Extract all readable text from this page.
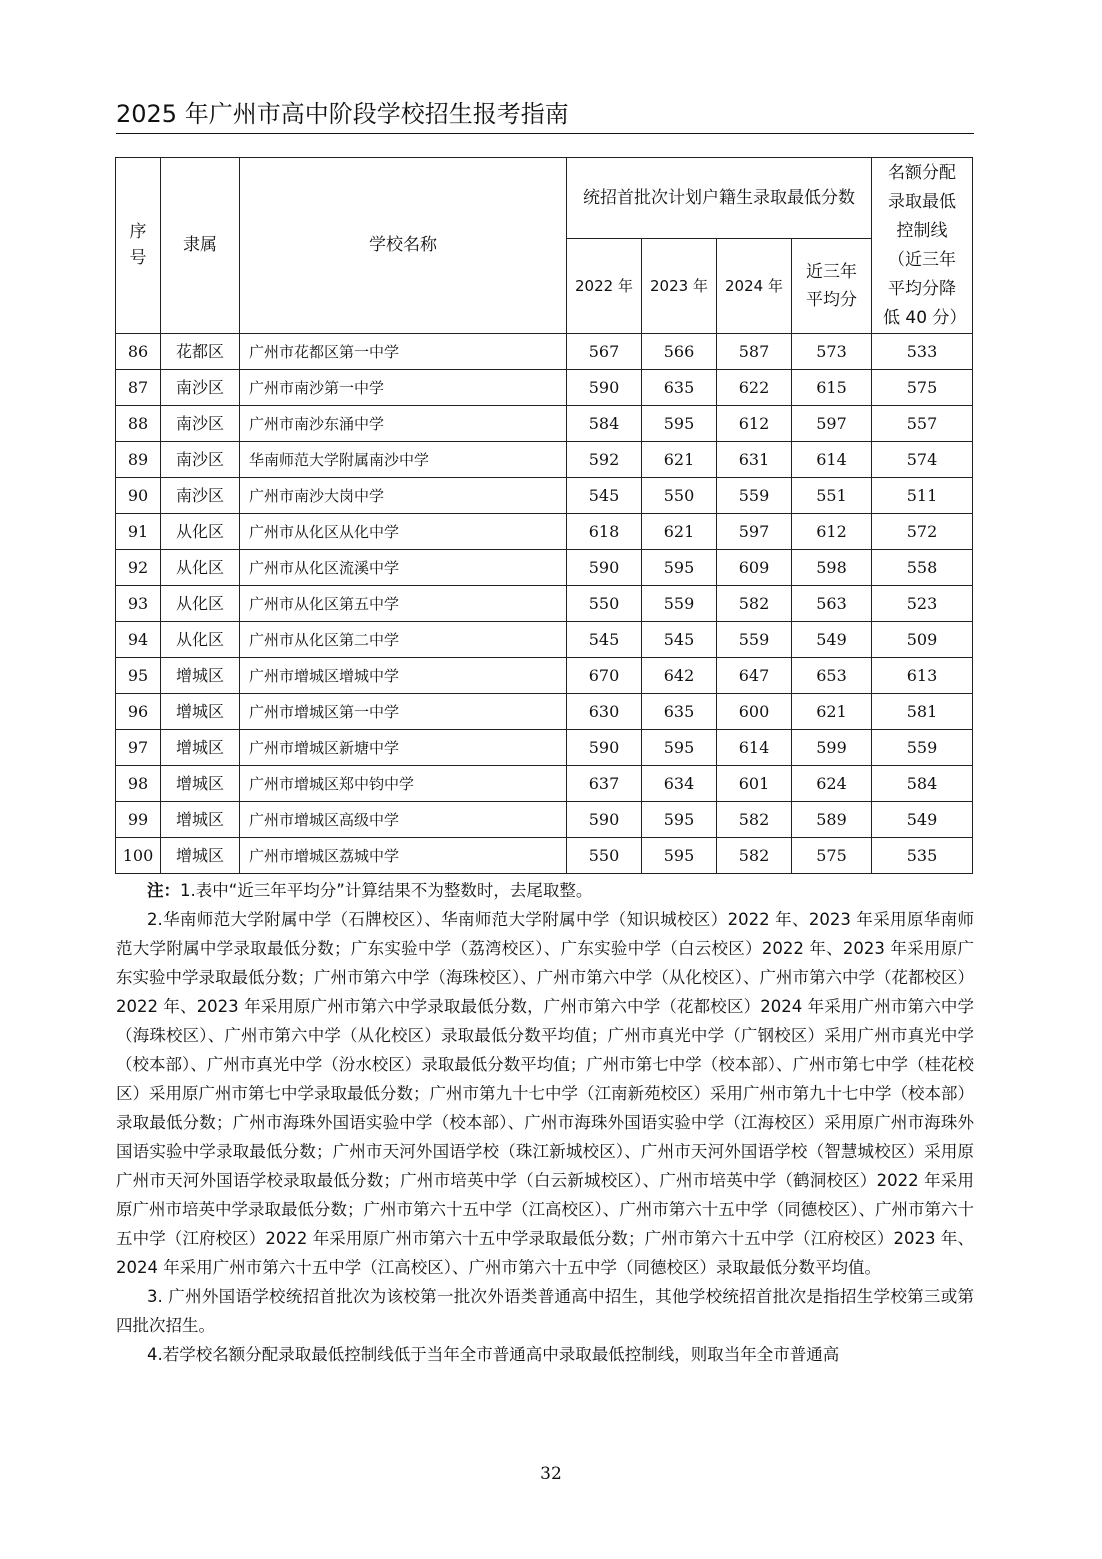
2025 年广州市高中阶段学校招生报考指南
序号	隶属	学校名称	统招首批次计划户籍生录取最低分数				名额分配录取最低控制线（近三年平均分降低 40 分）
			2022 年	2023 年	2024 年	近三年平均分	
86	花都区	广州市花都区第一中学	567	566	587	573	533
87	南沙区	广州市南沙第一中学	590	635	622	615	575
88	南沙区	广州市南沙东涌中学	584	595	612	597	557
89	南沙区	华南师范大学附属南沙中学	592	621	631	614	574
90	南沙区	广州市南沙大岗中学	545	550	559	551	511
91	从化区	广州市从化区从化中学	618	621	597	612	572
92	从化区	广州市从化区流溪中学	590	595	609	598	558
93	从化区	广州市从化区第五中学	550	559	582	563	523
94	从化区	广州市从化区第二中学	545	545	559	549	509
95	增城区	广州市增城区增城中学	670	642	647	653	613
96	增城区	广州市增城区第一中学	630	635	600	621	581
97	增城区	广州市增城区新塘中学	590	595	614	599	559
98	增城区	广州市增城区郑中钧中学	637	634	601	624	584
99	增城区	广州市增城区高级中学	590	595	582	589	549
100	增城区	广州市增城区荔城中学	550	595	582	575	535

注：1.表中“近三年平均分”计算结果不为整数时，去尾取整。

2.华南师范大学附属中学（石牌校区）、华南师范大学附属中学（知识城校区）2022 年、2023 年采用原华南师范大学附属中学录取最低分数；广东实验中学（荔湾校区）、广东实验中学（白云校区）2022 年、2023 年采用原广东实验中学录取最低分数；广州市第六中学（海珠校区）、广州市第六中学（从化校区）、广州市第六中学（花都校区）2022 年、2023 年采用原广州市第六中学录取最低分数，广州市第六中学（花都校区）2024 年采用广州市第六中学（海珠校区）、广州市第六中学（从化校区）录取最低分数平均值；广州市真光中学（广钢校区）采用广州市真光中学（校本部）、广州市真光中学（汾水校区）录取最低分数平均值；广州市第七中学（校本部）、广州市第七中学（桂花校区）采用原广州市第七中学录取最低分数；广州市第九十七中学（江南新苑校区）采用广州市第九十七中学（校本部）录取最低分数；广州市海珠外国语实验中学（校本部）、广州市海珠外国语实验中学（江海校区）采用原广州市海珠外国语实验中学录取最低分数；广州市天河外国语学校（珠江新城校区）、广州市天河外国语学校（智慧城校区）采用原广州市天河外国语学校录取最低分数；广州市培英中学（白云新城校区）、广州市培英中学（鹤洞校区）2022 年采用原广州市培英中学录取最低分数；广州市第六十五中学（江高校区）、广州市第六十五中学（同德校区）、广州市第六十五中学（江府校区）2022 年采用原广州市第六十五中学录取最低分数；广州市第六十五中学（江府校区）2023 年、2024 年采用广州市第六十五中学（江高校区）、广州市第六十五中学（同德校区）录取最低分数平均值。

3. 广州外国语学校统招首批次为该校第一批次外语类普通高中招生，其他学校统招首批次是指招生学校第三或第四批次招生。

4.若学校名额分配录取最低控制线低于当年全市普通高中录取最低控制线，则取当年全市普通高

32
